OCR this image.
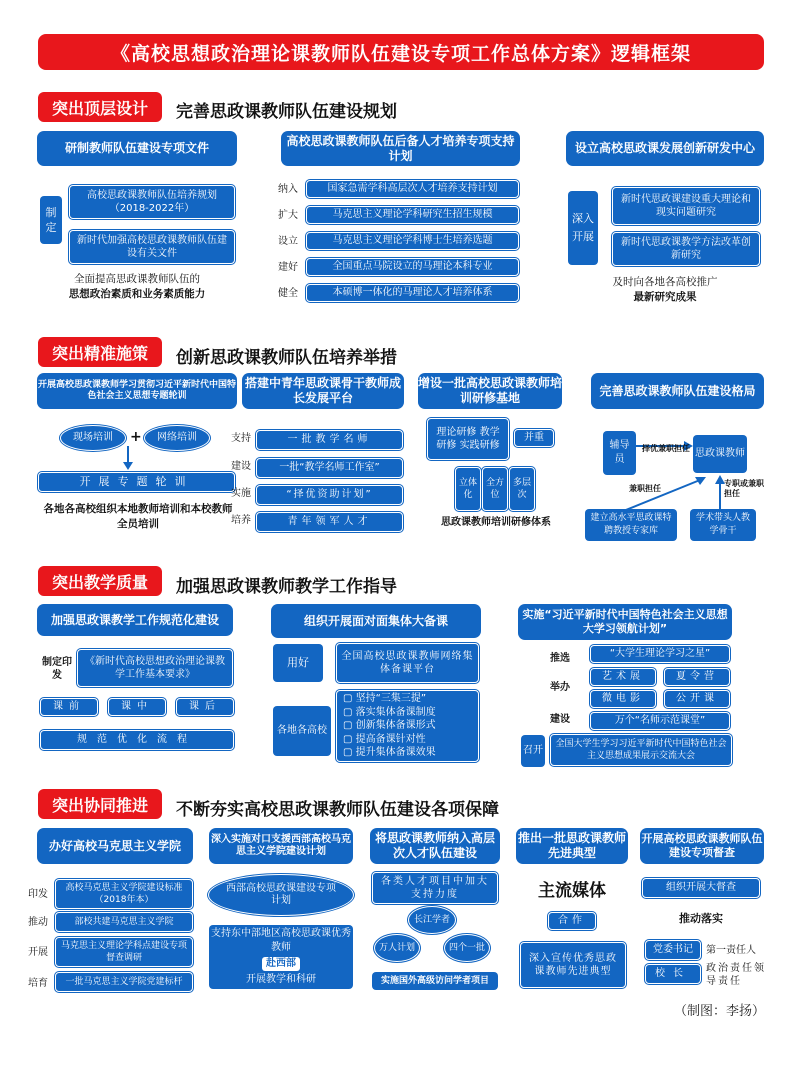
《高校思想政治理论课教师队伍建设专项工作总体方案》逻辑框架
突出顶层设计	完善思政课教师队伍建设规划
研制教师队伍建设专项文件
制定
高校思政课教师队伍培养规划（2018-2022年）
新时代加强高校思政课教师队伍建设有关文件
全面提高思政课教师队伍的
思想政治素质和业务素质能力
高校思政课教师队伍后备人才培养专项支持计划
纳入	国家急需学科高层次人才培养支持计划
扩大	马克思主义理论学科研究生招生规模
设立	马克思主义理论学科博士生培养选题
建好	全国重点马院设立的马理论本科专业
健全	本硕博一体化的马理论人才培养体系
设立高校思政课发展创新研发中心
深入开展
新时代思政课建设重大理论和现实问题研究
新时代思政课教学方法改革创新研究
及时向各地各高校推广
最新研究成果
突出精准施策	创新思政课教师队伍培养举措
开展高校思政课教师学习贯彻习近平新时代中国特色社会主义思想专题轮训
现场培训	+	网络培训
开展专题轮训
各地各高校组织本地教师培训和本校教师全员培训
搭建中青年思政课骨干教师成长发展平台
支持	一批教学名师
建设	一批“教学名师工作室”
实施	“择优资助计划”
培养	青年领军人才
增设一批高校思政课教师培训研修基地
理论研修 教学研修 实践研修
并重
立体化
全方位
多层次
思政课教师培训研修体系
完善思政课教师队伍建设格局
辅导员
思政课教师
择优兼职担任
兼职担任
专职或兼职担任
建立高水平思政课特聘教授专家库
学术带头人教学骨干
突出教学质量	加强思政课教师教学工作指导
加强思政课教学工作规范化建设
制定印发
《新时代高校思想政治理论课教学工作基本要求》
课前	课中	课后
规范优化流程
组织开展面对面集体大备课
用好
全国高校思政课教师网络集体备课平台
各地各高校
▢ 坚持“三集三提”
▢ 落实集体备课制度
▢ 创新集体备课形式
▢ 提高备课针对性
▢ 提升集体备课效果
实施“习近平新时代中国特色社会主义思想大学习领航计划”
推选	“大学生理论学习之星”
举办
艺术展	夏令营
微电影	公开课
建设	万个“名师示范课堂”
召开
全国大学生学习习近平新时代中国特色社会主义思想成果展示交流大会
突出协同推进	不断夯实高校思政课教师队伍建设各项保障
办好高校马克思主义学院
印发
高校马克思主义学院建设标准（2018年本）
推动	部校共建马克思主义学院
开展
马克思主义理论学科点建设专项督查调研
培育	一批马克思主义学院党建标杆
深入实施对口支援西部高校马克思主义学院建设计划
西部高校思政课建设专项计划
支持东中部地区高校思政课优秀教师
赴西部
开展教学和科研
将思政课教师纳入高层次人才队伍建设
各类人才项目中加大支持力度
长江学者
万人计划	四个一批
实施国外高级访问学者项目
推出一批思政课教师先进典型
主流媒体
合作
深入宣传优秀思政课教师先进典型
开展高校思政课教师队伍建设专项督查
组织开展大督查
推动落实
党委书记	第一责任人
校长	政治责任领导责任
（制图：李扬）
